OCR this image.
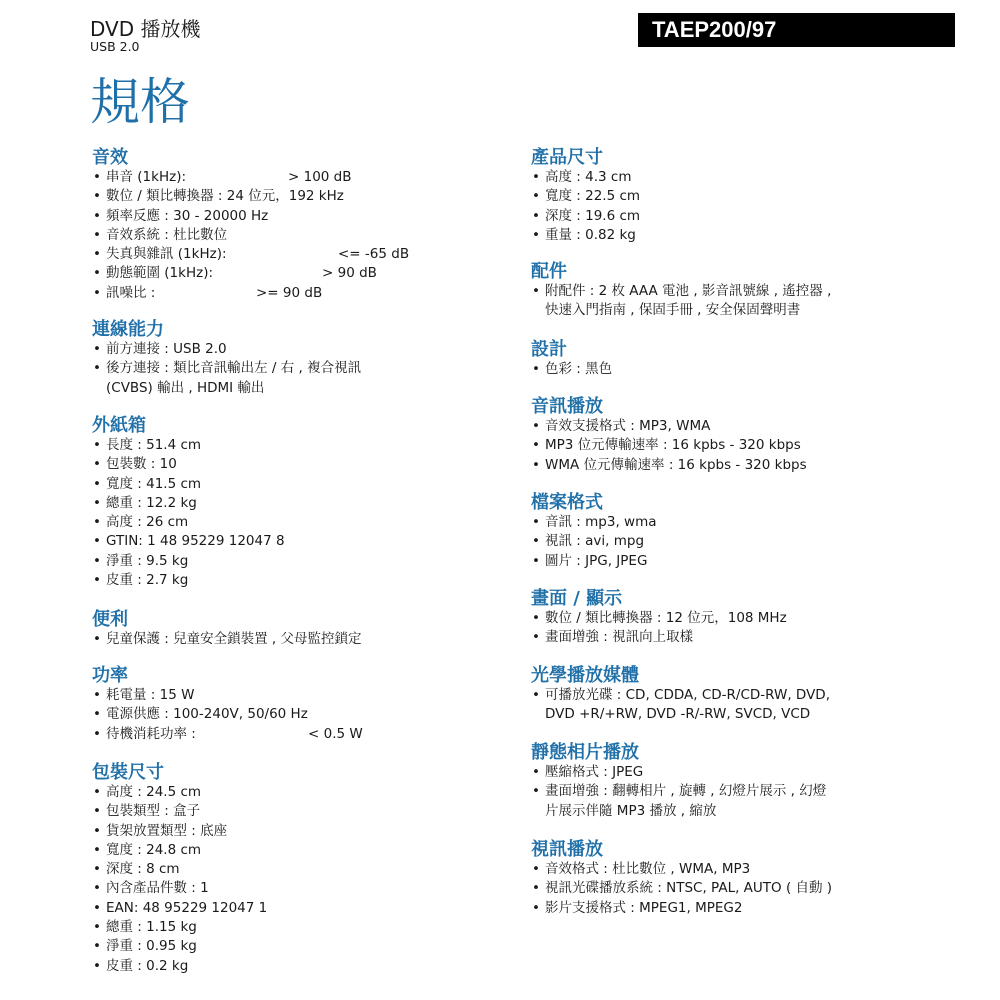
DVD 播放機
USB 2.0
TAEP200/97
規格
音效
• 串音 (1kHz):	> 100 dB
• 數位 / 類比轉換器 : 24 位元，192 kHz
• 頻率反應 : 30 - 20000 Hz
• 音效系統 : 杜比數位
• 失真與雜訊 (1kHz):	<= -65 dB
• 動態範圍 (1kHz):	> 90 dB
• 訊噪比 :	>= 90 dB
連線能力
• 前方連接 : USB 2.0
• 後方連接 : 類比音訊輸出左 / 右 , 複合視訊
(CVBS) 輸出 , HDMI 輸出
外紙箱
• 長度 : 51.4 cm
• 包裝數 : 10
• 寬度 : 41.5 cm
• 總重 : 12.2 kg
• 高度 : 26 cm
• GTIN: 1 48 95229 12047 8
• 淨重 : 9.5 kg
• 皮重 : 2.7 kg
便利
• 兒童保護 : 兒童安全鎖裝置 , 父母監控鎖定
功率
• 耗電量 : 15 W
• 電源供應 : 100-240V, 50/60 Hz
• 待機消耗功率 :	< 0.5 W
包裝尺寸
• 高度 : 24.5 cm
• 包裝類型 : 盒子
• 貨架放置類型 : 底座
• 寬度 : 24.8 cm
• 深度 : 8 cm
• 內含產品件數 : 1
• EAN: 48 95229 12047 1
• 總重 : 1.15 kg
• 淨重 : 0.95 kg
• 皮重 : 0.2 kg
產品尺寸
• 高度 : 4.3 cm
• 寬度 : 22.5 cm
• 深度 : 19.6 cm
• 重量 : 0.82 kg
配件
• 附配件 : 2 枚 AAA 電池 , 影音訊號線 , 遙控器 ,
快速入門指南 , 保固手冊 , 安全保固聲明書
設計
• 色彩 : 黑色
音訊播放
• 音效支援格式 : MP3, WMA
• MP3 位元傳輸速率 : 16 kpbs - 320 kbps
• WMA 位元傳輸速率 : 16 kpbs - 320 kbps
檔案格式
• 音訊 : mp3, wma
• 視訊 : avi, mpg
• 圖片 : JPG, JPEG
畫面 / 顯示
• 數位 / 類比轉換器 : 12 位元，108 MHz
• 畫面增強 : 視訊向上取樣
光學播放媒體
• 可播放光碟 : CD, CDDA, CD-R/CD-RW, DVD,
DVD +R/+RW, DVD -R/-RW, SVCD, VCD
靜態相片播放
• 壓縮格式 : JPEG
• 畫面增強 : 翻轉相片 , 旋轉 , 幻燈片展示 , 幻燈
片展示伴隨 MP3 播放 , 縮放
視訊播放
• 音效格式 : 杜比數位 , WMA, MP3
• 視訊光碟播放系統 : NTSC, PAL, AUTO ( 自動 )
• 影片支援格式 : MPEG1, MPEG2
